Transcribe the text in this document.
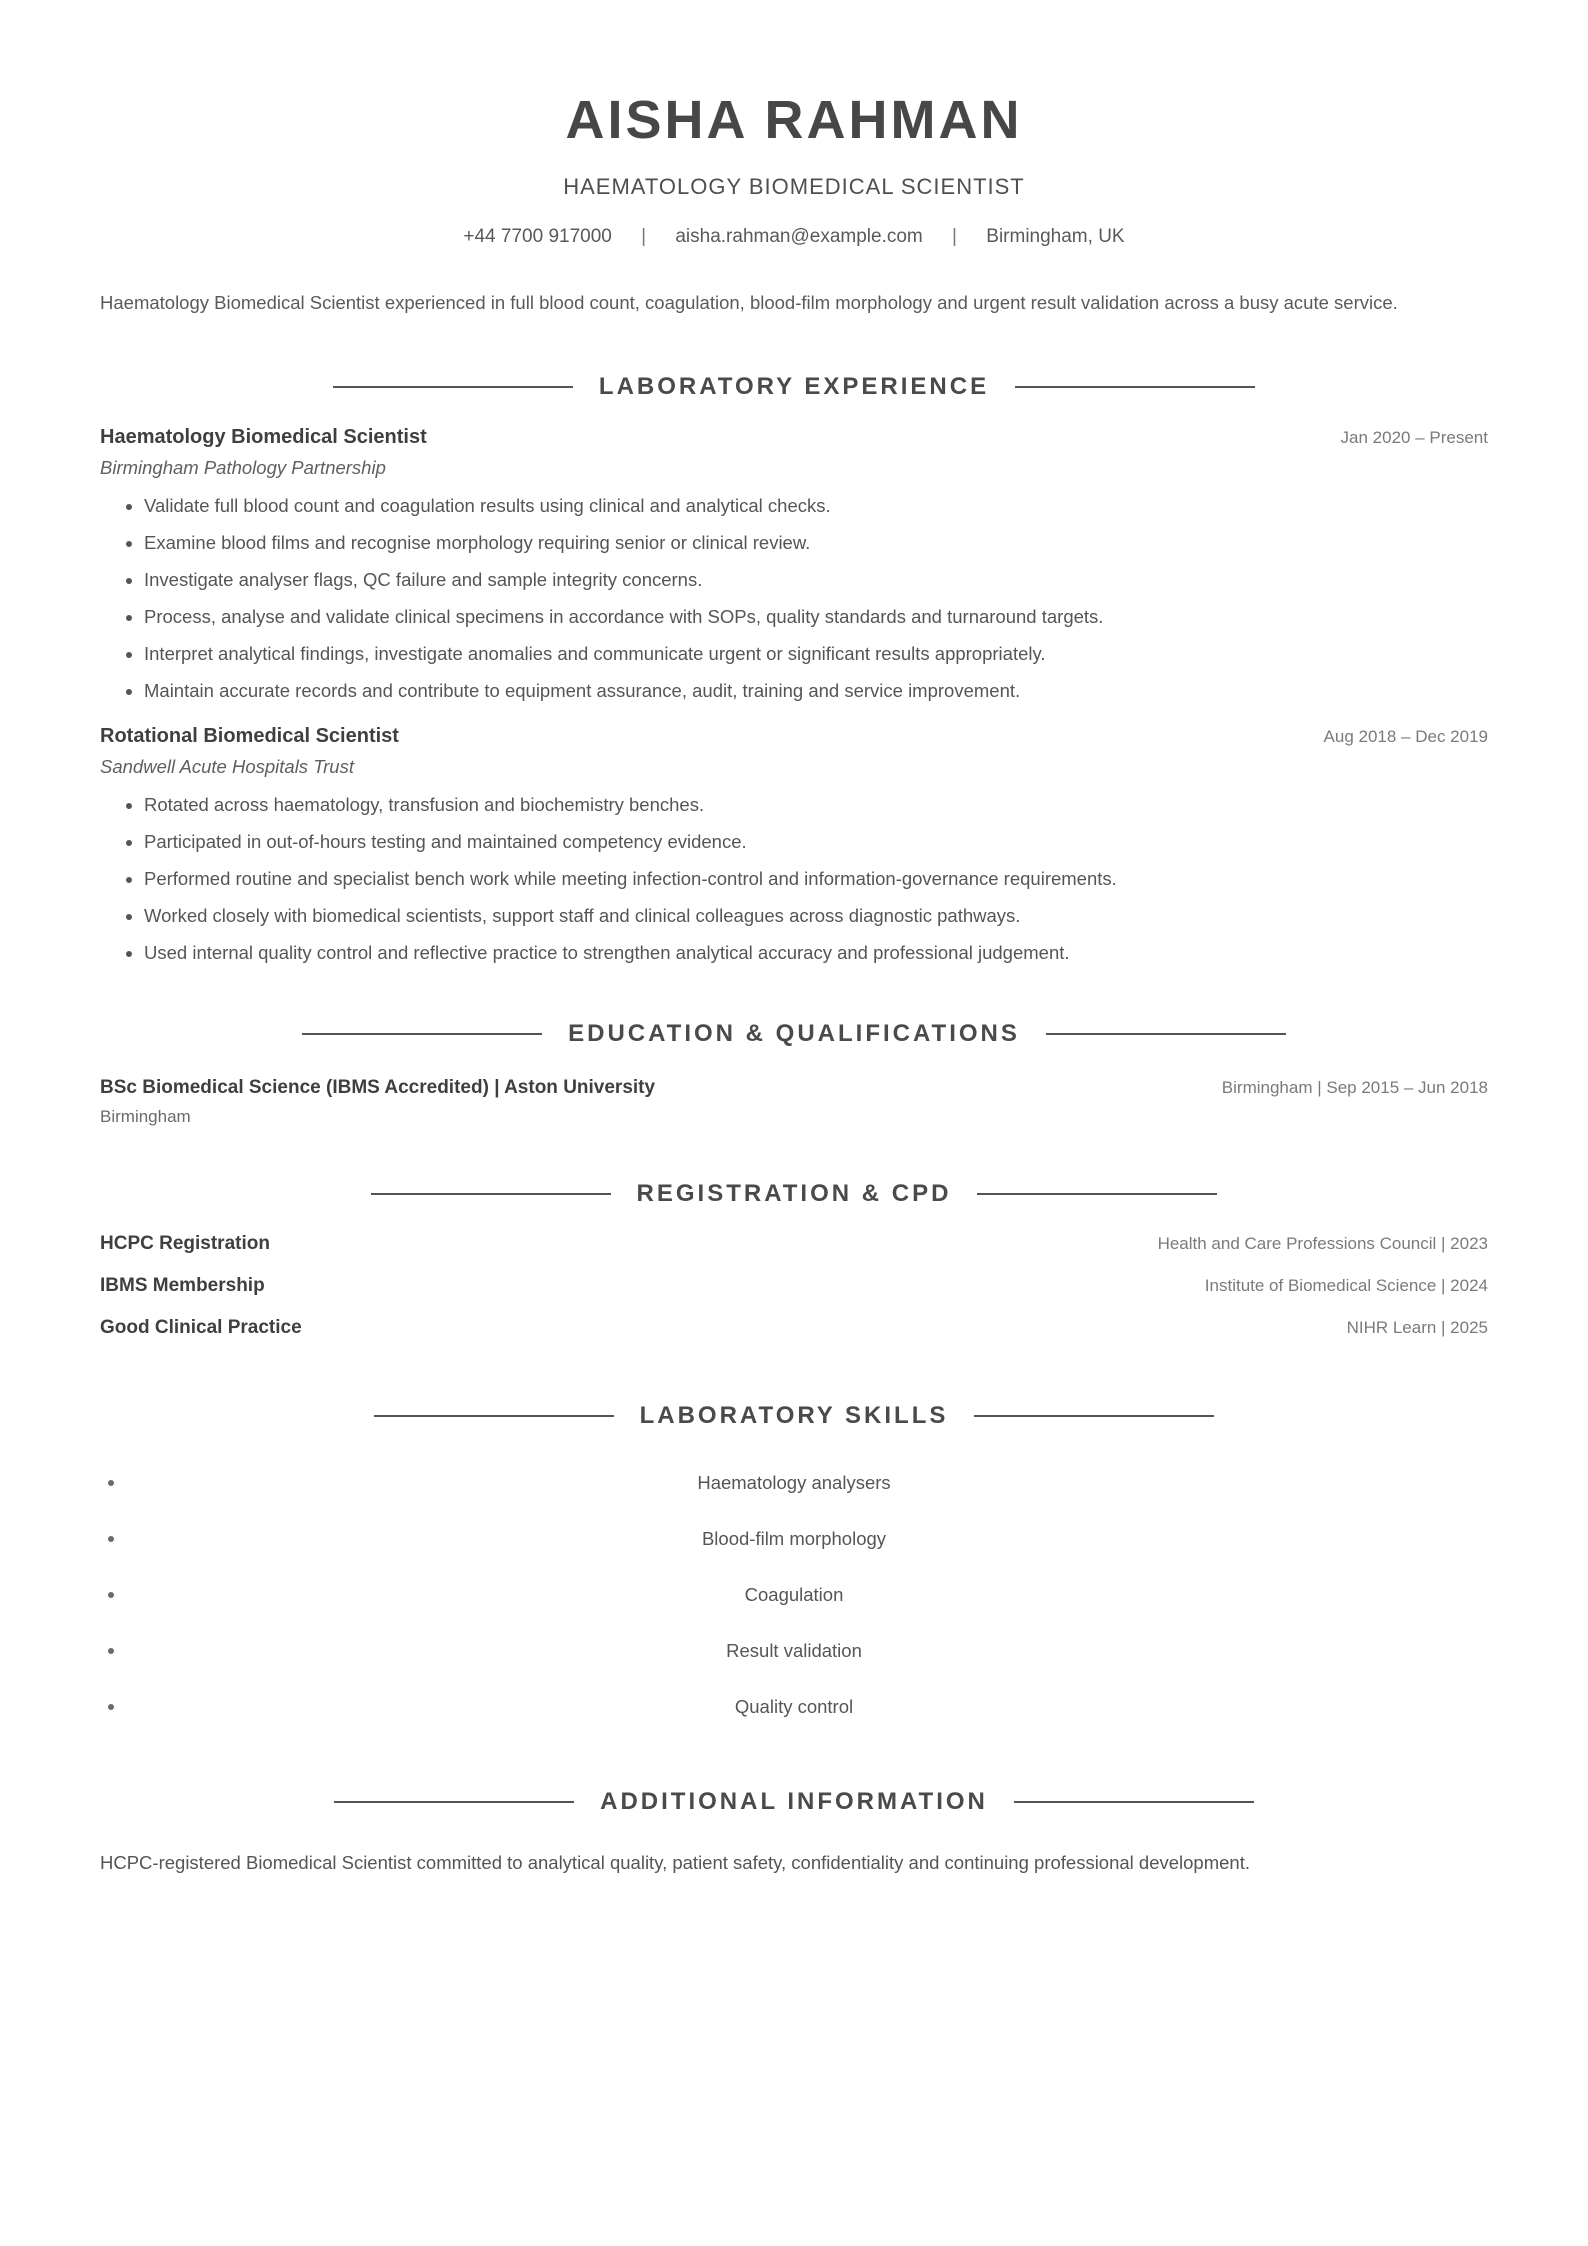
AISHA RAHMAN
HAEMATOLOGY BIOMEDICAL SCIENTIST
+44 7700 917000 | aisha.rahman@example.com | Birmingham, UK
Haematology Biomedical Scientist experienced in full blood count, coagulation, blood-film morphology and urgent result validation across a busy acute service.
LABORATORY EXPERIENCE
Haematology Biomedical Scientist	Jan 2020 – Present
Birmingham Pathology Partnership
• Validate full blood count and coagulation results using clinical and analytical checks.
• Examine blood films and recognise morphology requiring senior or clinical review.
• Investigate analyser flags, QC failure and sample integrity concerns.
• Process, analyse and validate clinical specimens in accordance with SOPs, quality standards and turnaround targets.
• Interpret analytical findings, investigate anomalies and communicate urgent or significant results appropriately.
• Maintain accurate records and contribute to equipment assurance, audit, training and service improvement.
Rotational Biomedical Scientist	Aug 2018 – Dec 2019
Sandwell Acute Hospitals Trust
• Rotated across haematology, transfusion and biochemistry benches.
• Participated in out-of-hours testing and maintained competency evidence.
• Performed routine and specialist bench work while meeting infection-control and information-governance requirements.
• Worked closely with biomedical scientists, support staff and clinical colleagues across diagnostic pathways.
• Used internal quality control and reflective practice to strengthen analytical accuracy and professional judgement.
EDUCATION & QUALIFICATIONS
BSc Biomedical Science (IBMS Accredited) | Aston University	Birmingham | Sep 2015 – Jun 2018
Birmingham
REGISTRATION & CPD
HCPC Registration	Health and Care Professions Council | 2023
IBMS Membership	Institute of Biomedical Science | 2024
Good Clinical Practice	NIHR Learn | 2025
LABORATORY SKILLS
Haematology analysers
Blood-film morphology
Coagulation
Result validation
Quality control
ADDITIONAL INFORMATION
HCPC-registered Biomedical Scientist committed to analytical quality, patient safety, confidentiality and continuing professional development.
